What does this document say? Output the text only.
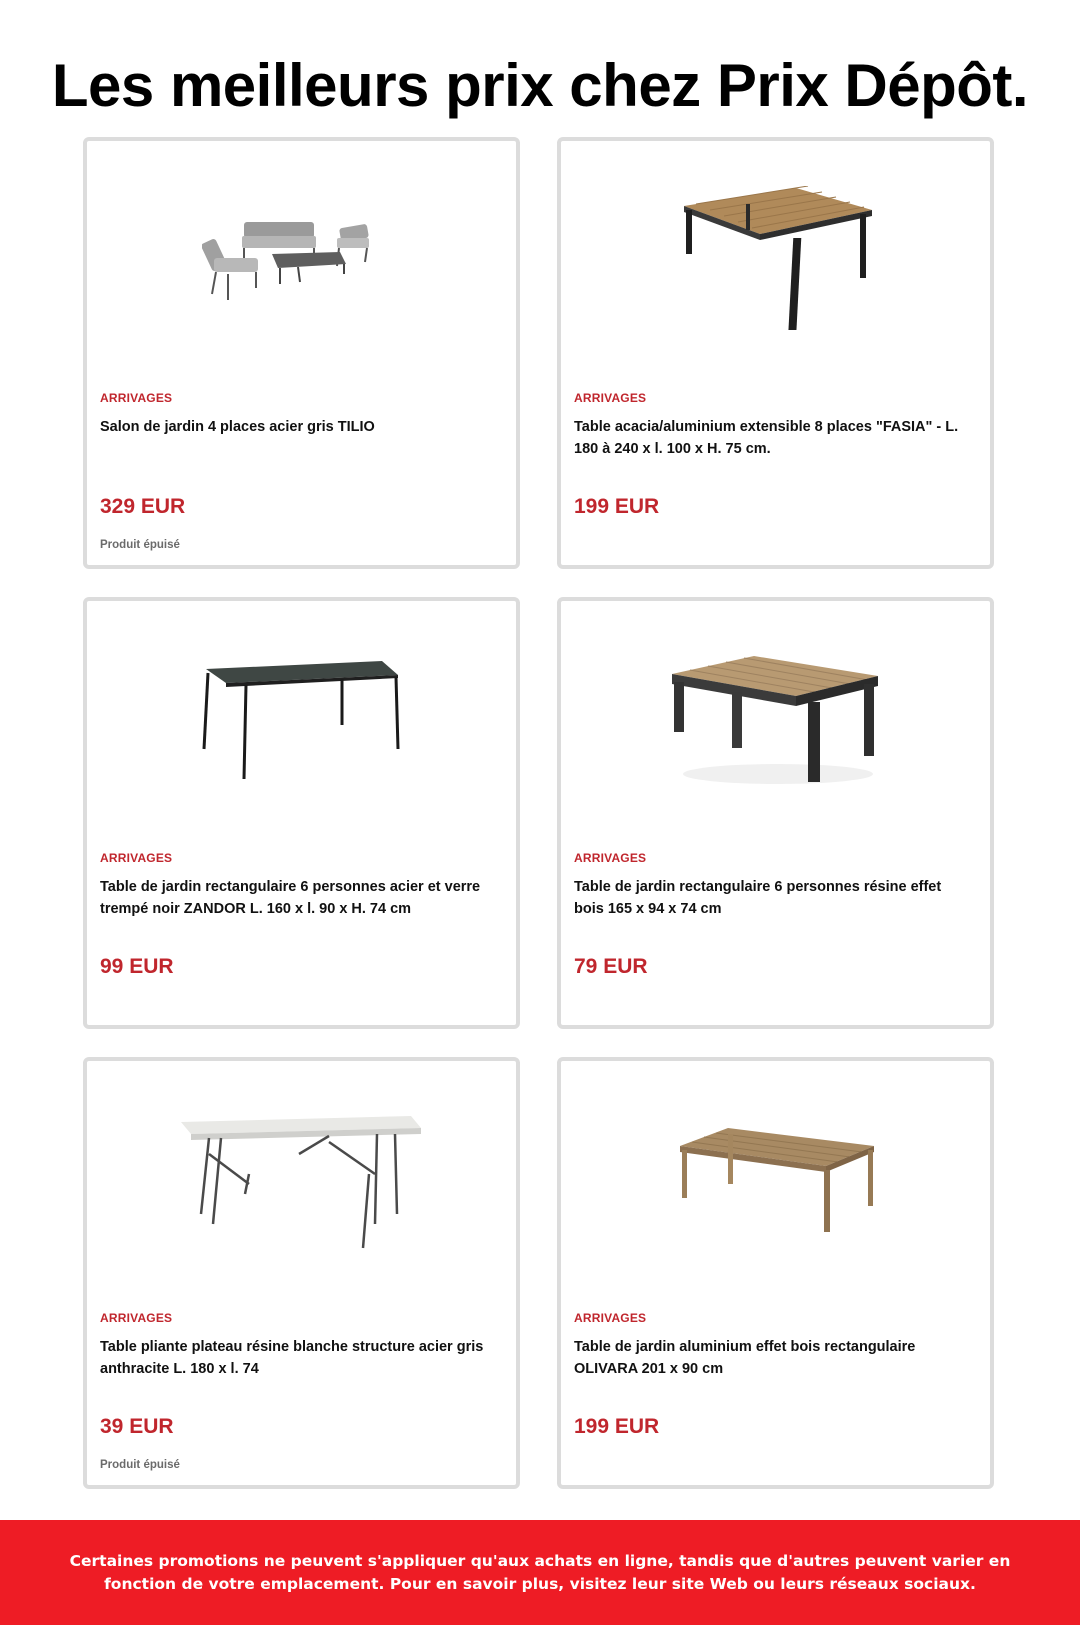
Les meilleurs prix chez Prix Dépôt.
ARRIVAGES
Salon de jardin 4 places acier gris TILIO
329 EUR
Produit épuisé
ARRIVAGES
Table acacia/aluminium extensible 8 places "FASIA" - L. 180 à 240 x l. 100 x H. 75 cm.
199 EUR
ARRIVAGES
Table de jardin rectangulaire 6 personnes acier et verre trempé noir ZANDOR L. 160 x l. 90 x H. 74 cm
99 EUR
ARRIVAGES
Table de jardin rectangulaire 6 personnes résine effet bois 165 x 94 x 74 cm
79 EUR
ARRIVAGES
Table pliante plateau résine blanche structure acier gris anthracite L. 180 x l. 74
39 EUR
Produit épuisé
ARRIVAGES
Table de jardin aluminium effet bois rectangulaire OLIVARA 201 x 90 cm
199 EUR
Certaines promotions ne peuvent s'appliquer qu'aux achats en ligne, tandis que d'autres peuvent varier en fonction de votre emplacement. Pour en savoir plus, visitez leur site Web ou leurs réseaux sociaux.
